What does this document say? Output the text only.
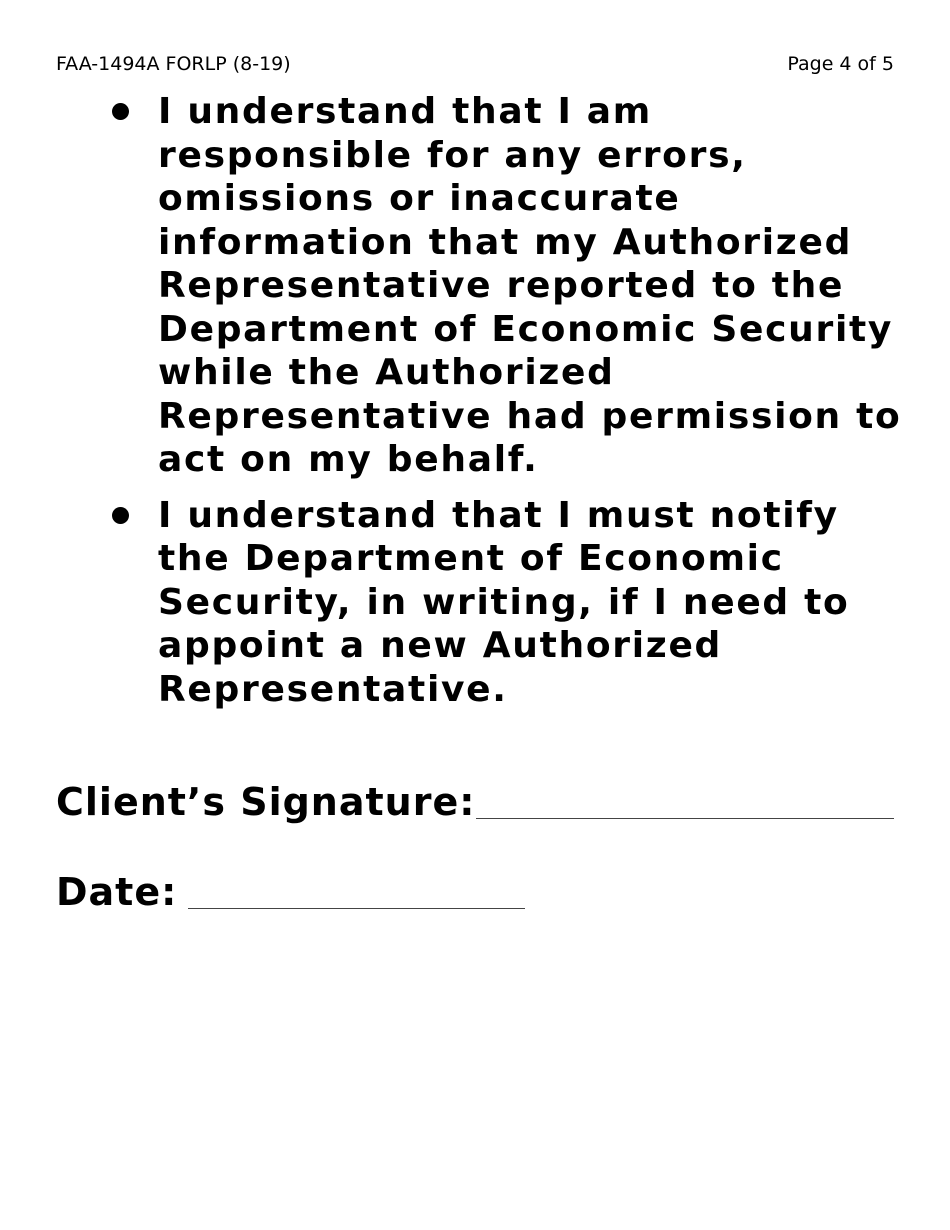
FAA-1494A FORLP (8-19)	Page 4 of 5
I understand that I am responsible for any errors, omissions or inaccurate information that my Authorized Representative reported to the Department of Economic Security while the Authorized Representative had permission to act on my behalf.
I understand that I must notify the Department of Economic Security, in writing, if I need to appoint a new Authorized Representative.
Client’s Signature:
Date:
